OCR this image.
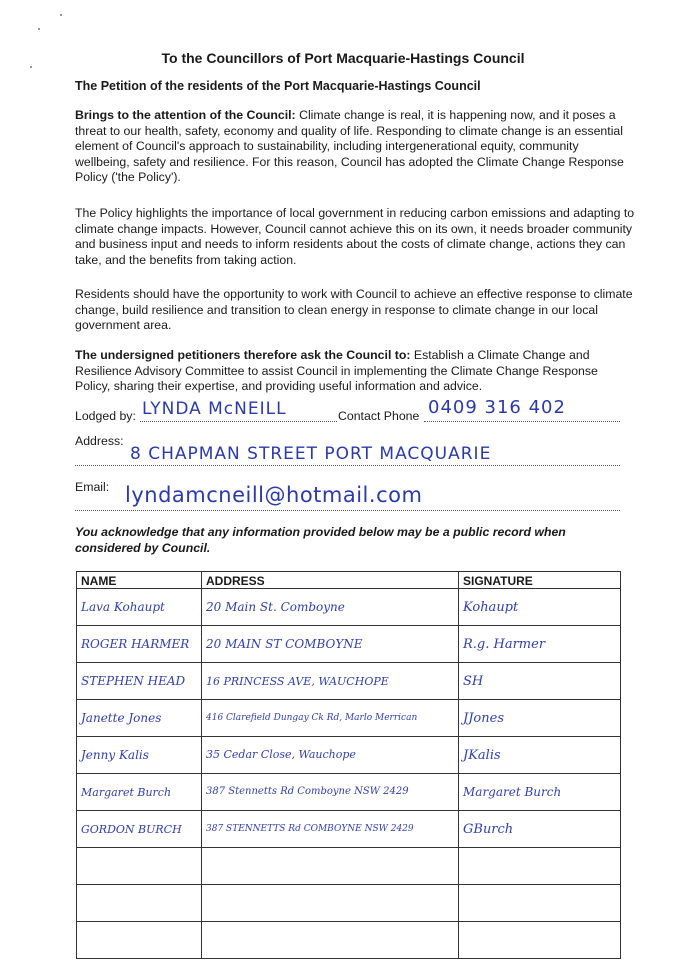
To the Councillors of Port Macquarie-Hastings Council
The Petition of the residents of the Port Macquarie-Hastings Council
Brings to the attention of the Council: Climate change is real, it is happening now, and it poses a threat to our health, safety, economy and quality of life. Responding to climate change is an essential element of Council's approach to sustainability, including intergenerational equity, community wellbeing, safety and resilience. For this reason, Council has adopted the Climate Change Response Policy ('the Policy').
The Policy highlights the importance of local government in reducing carbon emissions and adapting to climate change impacts. However, Council cannot achieve this on its own, it needs broader community and business input and needs to inform residents about the costs of climate change, actions they can take, and the benefits from taking action.
Residents should have the opportunity to work with Council to achieve an effective response to climate change, build resilience and transition to clean energy in response to climate change in our local government area.
The undersigned petitioners therefore ask the Council to: Establish a Climate Change and Resilience Advisory Committee to assist Council in implementing the Climate Change Response Policy, sharing their expertise, and providing useful information and advice.
Lodged by: LYNDA McNEILL	Contact Phone 0409 316 402
Address:
8 CHAPMAN STREET PORT MACQUARIE
Email: lyndamcneill@hotmail.com
You acknowledge that any information provided below may be a public record when considered by Council.
NAME	ADDRESS	SIGNATURE
Lava Kohaupt	20 Main St. Comboyne	Kohaupt
ROGER HARMER	20 MAIN ST COMBOYNE	R.g. Harmer
STEPHEN HEAD	16 PRINCESS AVE, WAUCHOPE	SH
Janette Jones	416 Clarefield Dungay Ck Rd, Marlo Merrican	JJones
Jenny Kalis	35 Cedar Close, Wauchope	JKalis
Margaret Burch	387 Stennetts Rd Comboyne NSW 2429	Margaret Burch
GORDON BURCH	387 STENNETTS Rd COMBOYNE NSW 2429	GBurch
